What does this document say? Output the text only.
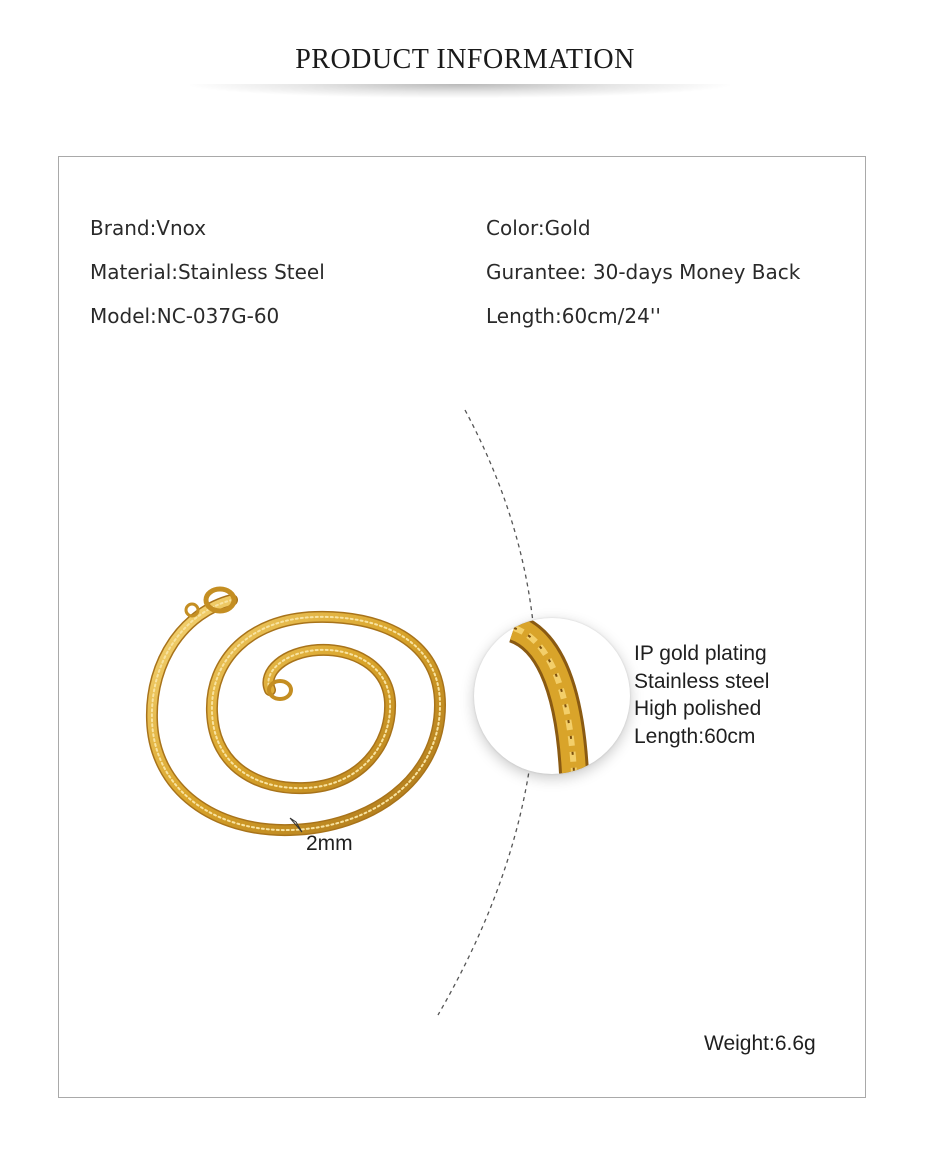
PRODUCT INFORMATION
Brand:Vnox
Material:Stainless Steel
Model:NC-037G-60
Color:Gold
Gurantee: 30-days Money Back
Length:60cm/24''
IP gold plating
Stainless steel
High polished
Length:60cm
2mm
Weight:6.6g
